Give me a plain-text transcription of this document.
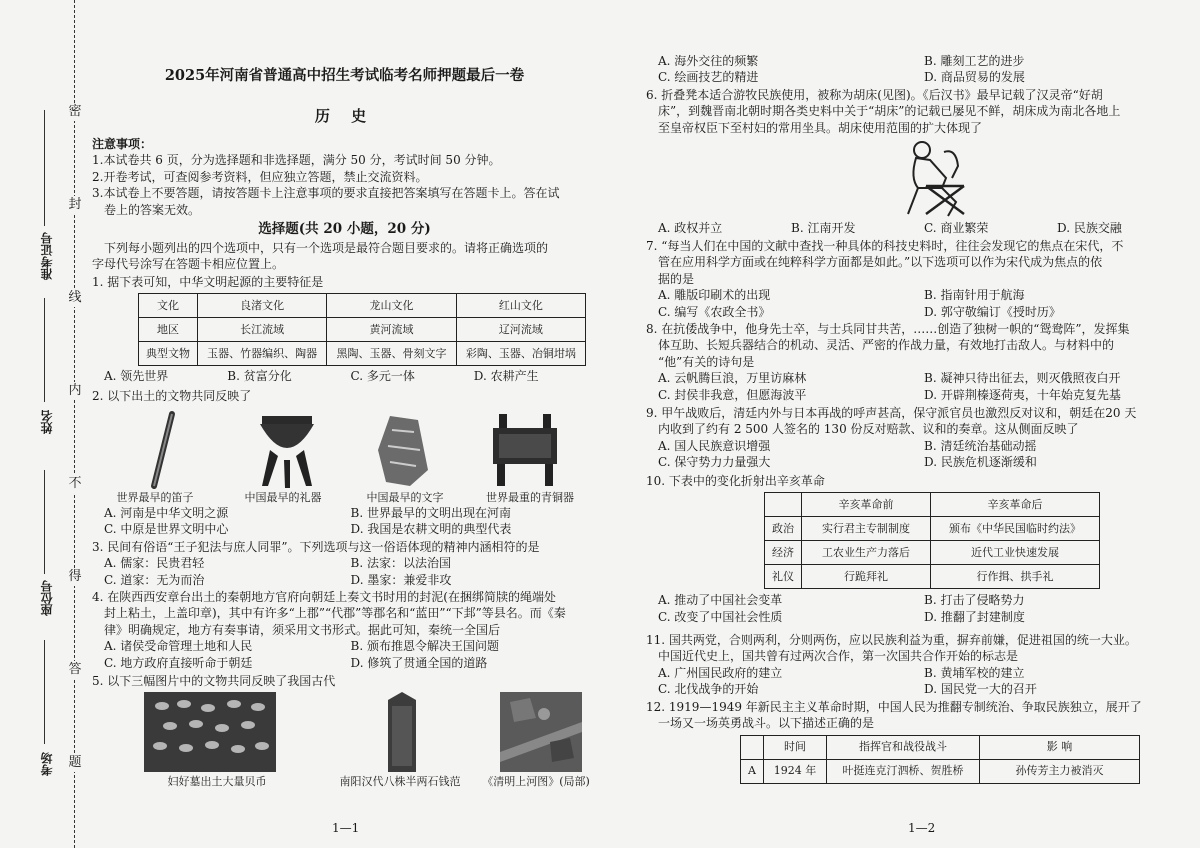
密
封
线
内
不
得
答
题
准考证号
姓名
座位号
考场
2025年河南省普通高中招生考试临考名师押题最后一卷
历 史
注意事项：
1.本试卷共 6 页，分为选择题和非选择题，满分 50 分，考试时间 50 分钟。
2.开卷考试，可查阅参考资料，但应独立答题，禁止交流资料。
3.本试卷上不要答题，请按答题卡上注意事项的要求直接把答案填写在答题卡上。答在试
卷上的答案无效。
选择题(共 20 小题，20 分)
下列每小题列出的四个选项中，只有一个选项是最符合题目要求的。请将正确选项的
字母代号涂写在答题卡相应位置上。
1. 据下表可知，中华文明起源的主要特征是
文化	良渚文化	龙山文化	红山文化
地区	长江流域	黄河流域	辽河流域
典型文物	玉器、竹器编织、陶器	黑陶、玉器、骨刻文字	彩陶、玉器、冶铜坩埚
A. 领先世界	B. 贫富分化	C. 多元一体	D. 农耕产生
2. 以下出土的文物共同反映了
世界最早的笛子	中国最早的礼器	中国最早的文字	世界最重的青铜器
A. 河南是中华文明之源	B. 世界最早的文明出现在河南
C. 中原是世界文明中心	D. 我国是农耕文明的典型代表
3. 民间有俗语“王子犯法与庶人同罪”。下列选项与这一俗语体现的精神内涵相符的是
A. 儒家：民贵君轻	B. 法家：以法治国
C. 道家：无为而治	D. 墨家：兼爱非攻
4. 在陕西西安章台出土的秦朝地方官府向朝廷上奏文书时用的封泥(在捆绑简牍的绳端处
封上粘土，上盖印章)，其中有许多“上郡”“代郡”等郡名和“蓝田”“下邽”等县名。而《秦
律》明确规定，地方有奏事请，须采用文书形式。据此可知，秦统一全国后
A. 诸侯受命管理土地和人民	B. 颁布推恩令解决王国问题
C. 地方政府直接听命于朝廷	D. 修筑了贯通全国的道路
5. 以下三幅图片中的文物共同反映了我国古代
妇好墓出土大量贝币	南阳汉代八株半两石钱范	《清明上河图》(局部)
1—1
A. 海外交往的频繁	B. 雕刻工艺的进步
C. 绘画技艺的精进	D. 商品贸易的发展
6. 折叠凳本适合游牧民族使用，被称为胡床(见图)。《后汉书》最早记载了汉灵帝“好胡
床”，到魏晋南北朝时期各类史料中关于“胡床”的记载已屡见不鲜，胡床成为南北各地上
至皇帝权臣下至村妇的常用坐具。胡床使用范围的扩大体现了
A. 政权并立	B. 江南开发	C. 商业繁荣	D. 民族交融
7. “每当人们在中国的文献中查找一种具体的科技史料时，往往会发现它的焦点在宋代，不
管在应用科学方面或在纯粹科学方面都是如此。”以下选项可以作为宋代成为焦点的依
据的是
A. 雕版印刷术的出现	B. 指南针用于航海
C. 编写《农政全书》	D. 郭守敬编订《授时历》
8. 在抗倭战争中，他身先士卒，与士兵同甘共苦，……创造了独树一帜的“鸳鸯阵”，发挥集
体互助、长短兵器结合的机动、灵活、严密的作战力量，有效地打击敌人。与材料中的
“他”有关的诗句是
A. 云帆腾巨浪，万里访麻林	B. 凝神只待出征去，则灭俄照夜白开
C. 封侯非我意，但愿海波平	D. 开辟荆榛逐荷夷，十年始克复先基
9. 甲午战败后，清廷内外与日本再战的呼声甚高，保守派官员也激烈反对议和，朝廷在20 天
内收到了约有 2 500 人签名的 130 份反对赔款、议和的奏章。这从侧面反映了
A. 国人民族意识增强	B. 清廷统治基础动摇
C. 保守势力力量强大	D. 民族危机逐渐缓和
10. 下表中的变化折射出辛亥革命
	辛亥革命前	辛亥革命后
政治	实行君主专制制度	颁布《中华民国临时约法》
经济	工农业生产力落后	近代工业快速发展
礼仪	行跪拜礼	行作揖、拱手礼
A. 推动了中国社会变革	B. 打击了侵略势力
C. 改变了中国社会性质	D. 推翻了封建制度
11. 国共两党，合则两利，分则两伤，应以民族利益为重，摒弃前嫌，促进祖国的统一大业。
中国近代史上，国共曾有过两次合作，第一次国共合作开始的标志是
A. 广州国民政府的建立	B. 黄埔军校的建立
C. 北伐战争的开始	D. 国民党一大的召开
12. 1919—1949 年新民主主义革命时期，中国人民为推翻专制统治、争取民族独立，展开了
一场又一场英勇战斗。以下描述正确的是
	时间	指挥官和战役战斗	影 响
A	1924 年	叶挺连克汀泗桥、贺胜桥	孙传芳主力被消灭
1—2
